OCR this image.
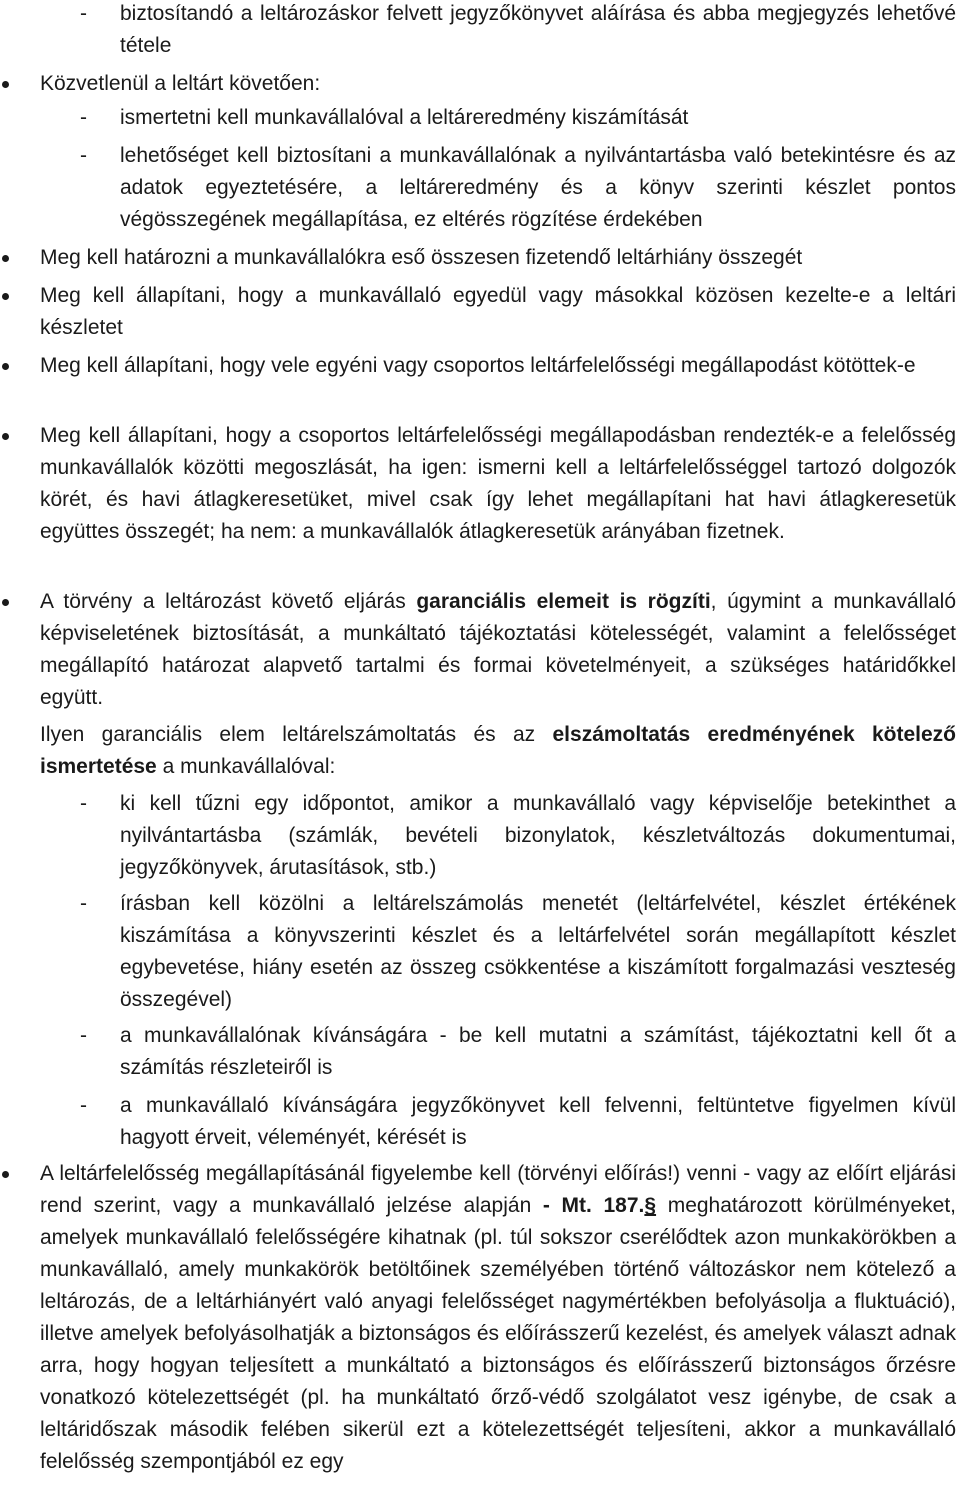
-	biztosítandó a leltározáskor felvett jegyzőkönyvet aláírása és abba megjegyzés lehetővé tétele
Közvetlenül a leltárt követően:
-	ismertetni kell munkavállalóval a leltáreredmény kiszámítását
-	lehetőséget kell biztosítani a munkavállalónak a nyilvántartásba való betekintésre és az adatok egyeztetésére, a leltáreredmény és a könyv szerinti készlet pontos végösszegének megállapítása, ez eltérés rögzítése érdekében
Meg kell határozni a munkavállalókra eső összesen fizetendő leltárhiány összegét
Meg kell állapítani, hogy a munkavállaló egyedül vagy másokkal közösen kezelte-e a leltári készletet
Meg kell állapítani, hogy vele egyéni vagy csoportos leltárfelelősségi megállapodást kötöttek-e
Meg kell állapítani, hogy a csoportos leltárfelelősségi megállapodásban rendezték-e a felelősség munkavállalók közötti megoszlását, ha igen: ismerni kell a leltárfelelősséggel tartozó dolgozók körét, és havi átlagkeresetüket, mivel csak így lehet megállapítani hat havi átlagkeresetük együttes összegét; ha nem: a munkavállalók átlagkeresetük arányában fizetnek.
A törvény a leltározást követő eljárás garanciális elemeit is rögzíti, úgymint a munkavállaló képviseletének biztosítását, a munkáltató tájékoztatási kötelességét, valamint a felelősséget megállapító határozat alapvető tartalmi és formai követelményeit, a szükséges határidőkkel együtt.
Ilyen garanciális elem leltárelszámoltatás és az elszámoltatás eredményének kötelező ismertetése a munkavállalóval:
-	ki kell tűzni egy időpontot, amikor a munkavállaló vagy képviselője betekinthet a nyilvántartásba (számlák, bevételi bizonylatok, készletváltozás dokumentumai, jegyzőkönyvek, árutasítások, stb.)
-	írásban kell közölni a leltárelszámolás menetét (leltárfelvétel, készlet értékének kiszámítása a könyvszerinti készlet és a leltárfelvétel során megállapított készlet egybevetése, hiány esetén az összeg csökkentése a kiszámított forgalmazási veszteség összegével)
-	a munkavállalónak kívánságára - be kell mutatni a számítást, tájékoztatni kell őt a számítás részleteiről is
-	a munkavállaló kívánságára jegyzőkönyvet kell felvenni, feltüntetve figyelmen kívül hagyott érveit, véleményét, kérését is
A leltárfelelősség megállapításánál figyelembe kell (törvényi előírás!) venni - vagy az előírt eljárási rend szerint, vagy a munkavállaló jelzése alapján - Mt. 187.§ meghatározott körülményeket, amelyek munkavállaló felelősségére kihatnak (pl. túl sokszor cserélődtek azon munkakörökben a munkavállaló, amely munkakörök betöltőinek személyében történő változáskor nem kötelező a leltározás, de a leltárhiányért való anyagi felelősséget nagymértékben befolyásolja a fluktuáció), illetve amelyek befolyásolhatják a biztonságos és előírásszerű kezelést, és amelyek választ adnak arra, hogy hogyan teljesített a munkáltató a biztonságos és előírásszerű biztonságos őrzésre vonatkozó kötelezettségét (pl. ha munkáltató őrző-védő szolgálatot vesz igénybe, de csak a leltáridőszak második felében sikerül ezt a kötelezettségét teljesíteni, akkor a munkavállaló felelősség szempontjából ez egy
